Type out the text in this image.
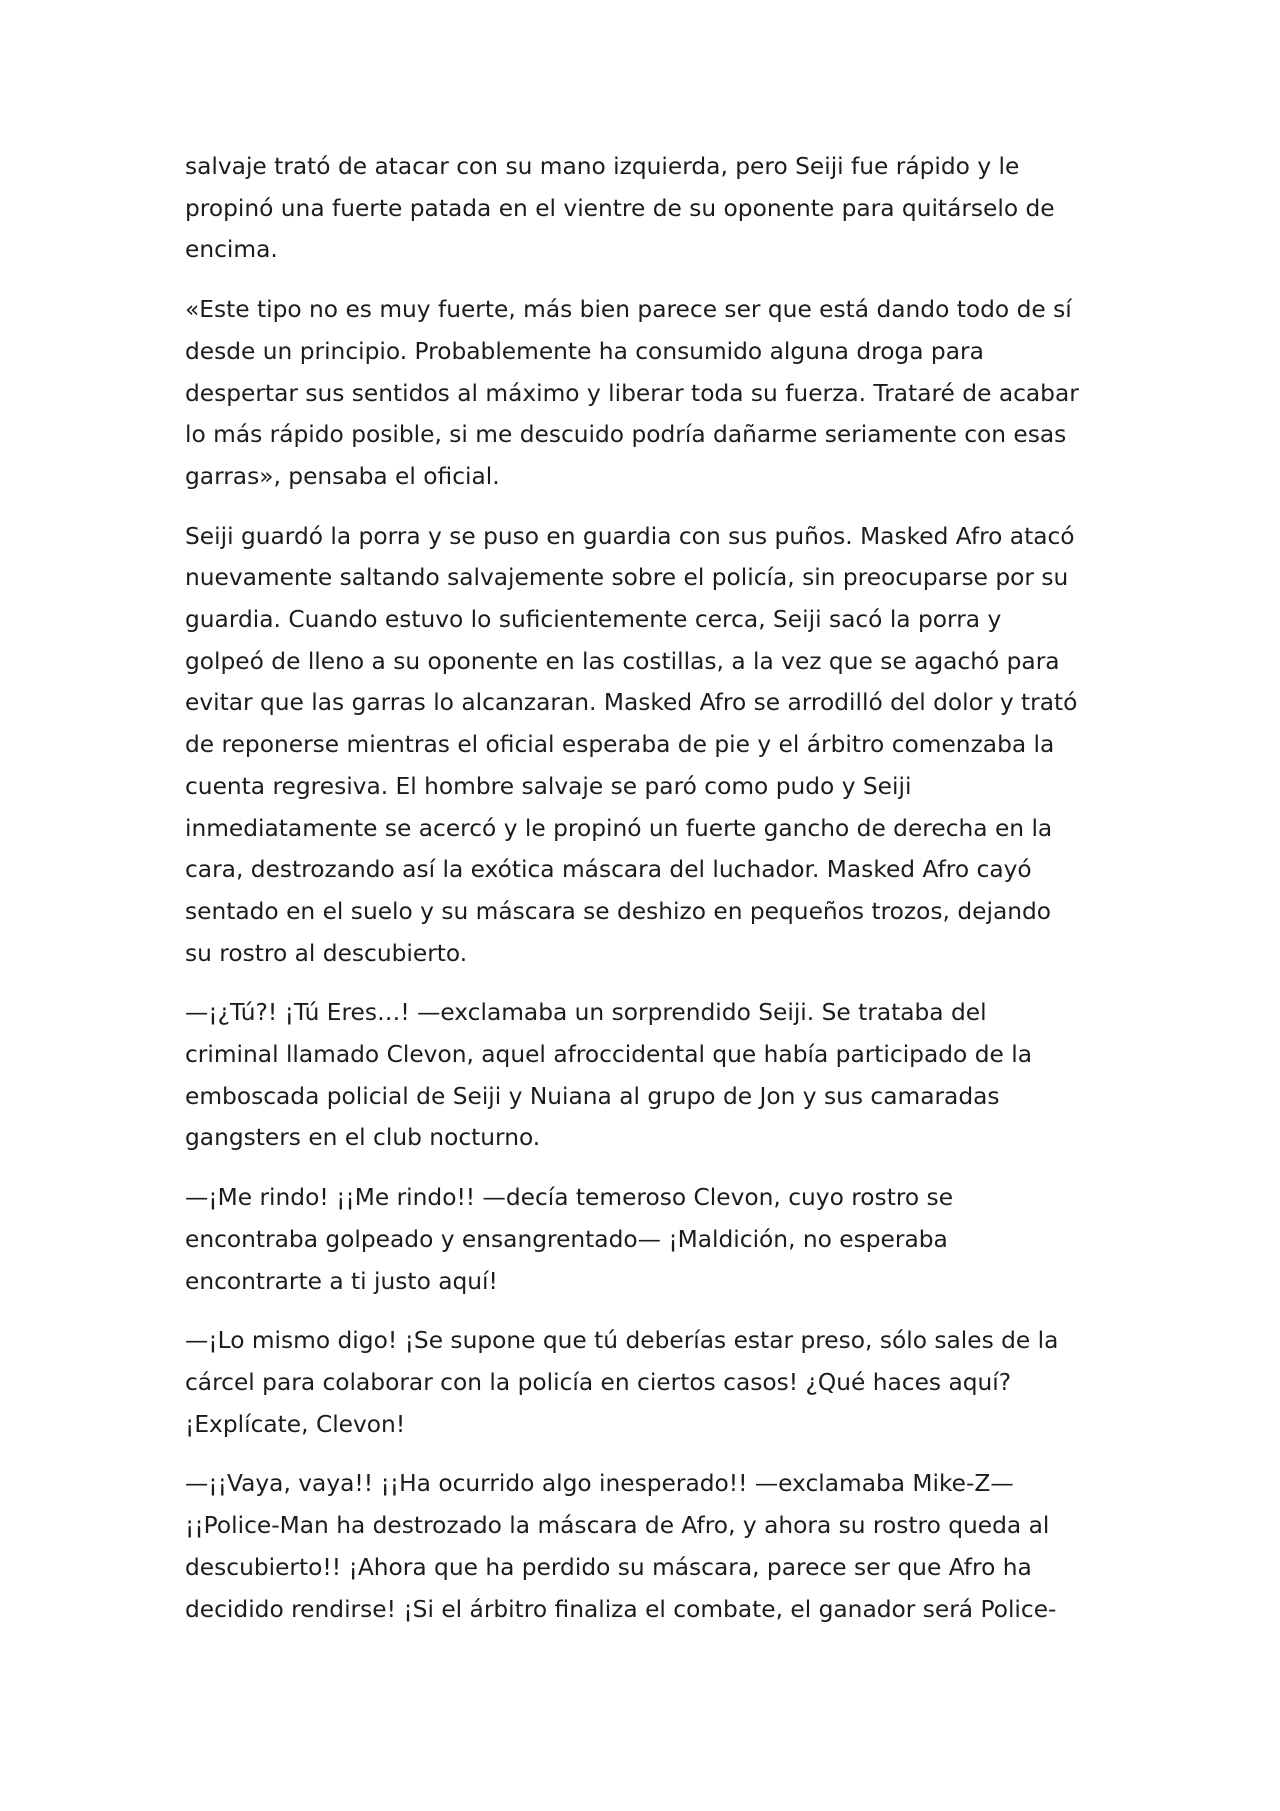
salvaje trató de atacar con su mano izquierda, pero Seiji fue rápido y le
propinó una fuerte patada en el vientre de su oponente para quitárselo de
encima.

«Este tipo no es muy fuerte, más bien parece ser que está dando todo de sí
desde un principio. Probablemente ha consumido alguna droga para
despertar sus sentidos al máximo y liberar toda su fuerza. Trataré de acabar
lo más rápido posible, si me descuido podría dañarme seriamente con esas
garras», pensaba el oficial.

Seiji guardó la porra y se puso en guardia con sus puños. Masked Afro atacó
nuevamente saltando salvajemente sobre el policía, sin preocuparse por su
guardia. Cuando estuvo lo suficientemente cerca, Seiji sacó la porra y
golpeó de lleno a su oponente en las costillas, a la vez que se agachó para
evitar que las garras lo alcanzaran. Masked Afro se arrodilló del dolor y trató
de reponerse mientras el oficial esperaba de pie y el árbitro comenzaba la
cuenta regresiva. El hombre salvaje se paró como pudo y Seiji
inmediatamente se acercó y le propinó un fuerte gancho de derecha en la
cara, destrozando así la exótica máscara del luchador. Masked Afro cayó
sentado en el suelo y su máscara se deshizo en pequeños trozos, dejando
su rostro al descubierto.

—¡¿Tú?! ¡Tú Eres…! —exclamaba un sorprendido Seiji. Se trataba del
criminal llamado Clevon, aquel afroccidental que había participado de la
emboscada policial de Seiji y Nuiana al grupo de Jon y sus camaradas
gangsters en el club nocturno.

—¡Me rindo! ¡¡Me rindo!! —decía temeroso Clevon, cuyo rostro se
encontraba golpeado y ensangrentado— ¡Maldición, no esperaba
encontrarte a ti justo aquí!

—¡Lo mismo digo! ¡Se supone que tú deberías estar preso, sólo sales de la
cárcel para colaborar con la policía en ciertos casos! ¿Qué haces aquí?
¡Explícate, Clevon!

—¡¡Vaya, vaya!! ¡¡Ha ocurrido algo inesperado!! —exclamaba Mike-Z—
¡¡Police-Man ha destrozado la máscara de Afro, y ahora su rostro queda al
descubierto!! ¡Ahora que ha perdido su máscara, parece ser que Afro ha
decidido rendirse! ¡Si el árbitro finaliza el combate, el ganador será Police-
